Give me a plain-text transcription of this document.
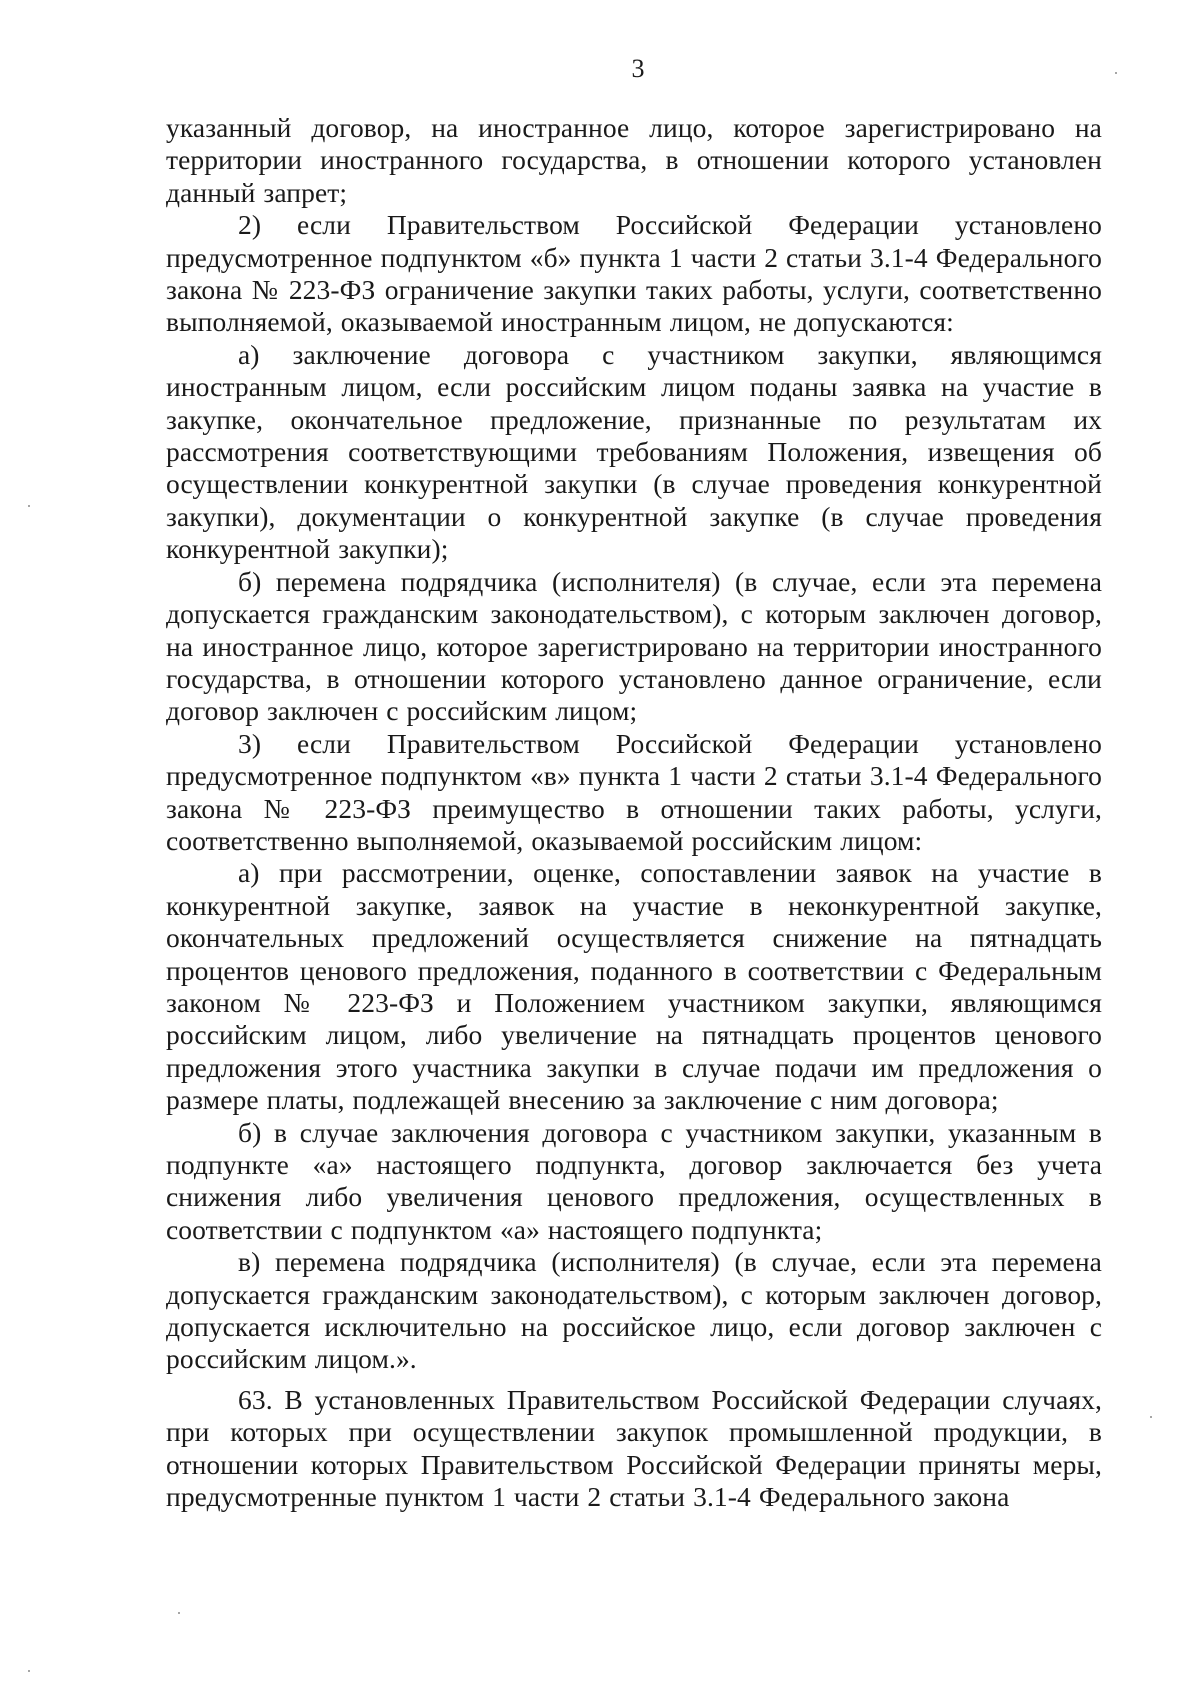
3

указанный договор, на иностранное лицо, которое зарегистрировано на территории иностранного государства, в отношении которого установлен данный запрет;

2) если Правительством Российской Федерации установлено предусмотренное подпунктом «б» пункта 1 части 2 статьи 3.1-4 Федерального закона № 223-ФЗ ограничение закупки таких работы, услуги, соответственно выполняемой, оказываемой иностранным лицом, не допускаются:

а) заключение договора с участником закупки, являющимся иностранным лицом, если российским лицом поданы заявка на участие в закупке, окончательное предложение, признанные по результатам их рассмотрения соответствующими требованиям Положения, извещения об осуществлении конкурентной закупки (в случае проведения конкурентной закупки), документации о конкурентной закупке (в случае проведения конкурентной закупки);

б) перемена подрядчика (исполнителя) (в случае, если эта перемена допускается гражданским законодательством), с которым заключен договор, на иностранное лицо, которое зарегистрировано на территории иностранного государства, в отношении которого установлено данное ограничение, если договор заключен с российским лицом;

3) если Правительством Российской Федерации установлено предусмотренное подпунктом «в» пункта 1 части 2 статьи 3.1-4 Федерального закона № 223-ФЗ преимущество в отношении таких работы, услуги, соответственно выполняемой, оказываемой российским лицом:

а) при рассмотрении, оценке, сопоставлении заявок на участие в конкурентной закупке, заявок на участие в неконкурентной закупке, окончательных предложений осуществляется снижение на пятнадцать процентов ценового предложения, поданного в соответствии с Федеральным законом № 223-ФЗ и Положением участником закупки, являющимся российским лицом, либо увеличение на пятнадцать процентов ценового предложения этого участника закупки в случае подачи им предложения о размере платы, подлежащей внесению за заключение с ним договора;

б) в случае заключения договора с участником закупки, указанным в подпункте «а» настоящего подпункта, договор заключается без учета снижения либо увеличения ценового предложения, осуществленных в соответствии с подпунктом «а» настоящего подпункта;

в) перемена подрядчика (исполнителя) (в случае, если эта перемена допускается гражданским законодательством), с которым заключен договор, допускается исключительно на российское лицо, если договор заключен с российским лицом.».

63. В установленных Правительством Российской Федерации случаях, при которых при осуществлении закупок промышленной продукции, в отношении которых Правительством Российской Федерации приняты меры, предусмотренные пунктом 1 части 2 статьи 3.1-4 Федерального закона
